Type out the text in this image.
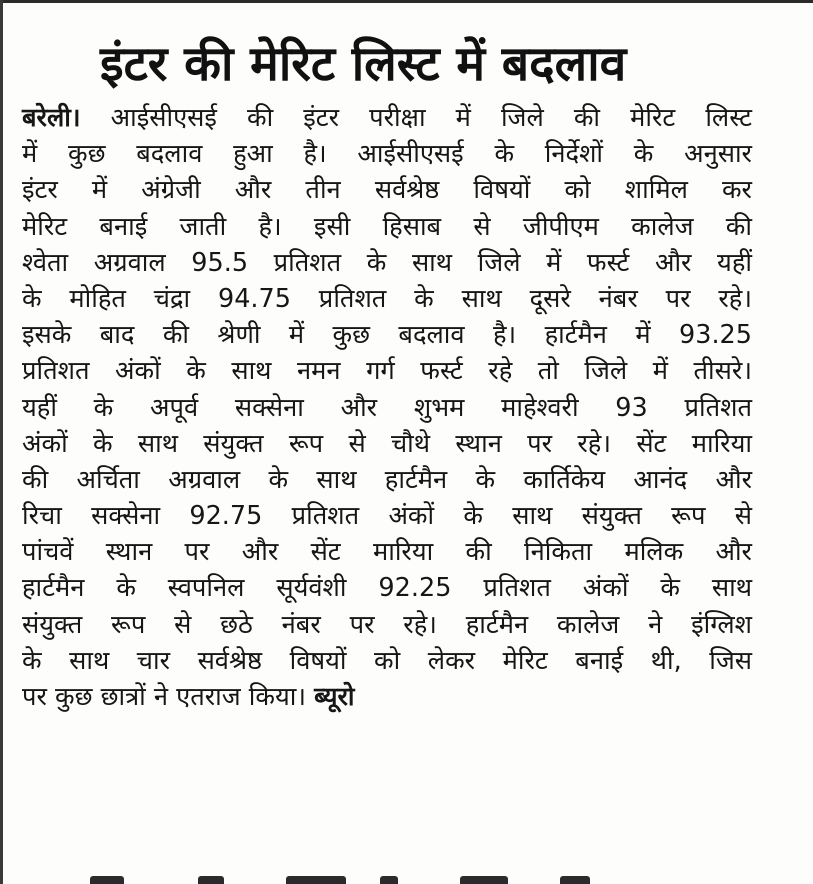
इंटर की मेरिट लिस्ट में बदलाव
बरेली। आईसीएसई की इंटर परीक्षा में जिले की मेरिट लिस्ट
में कुछ बदलाव हुआ है। आईसीएसई के निर्देशों के अनुसार
इंटर में अंग्रेजी और तीन सर्वश्रेष्ठ विषयों को शामिल कर
मेरिट बनाई जाती है। इसी हिसाब से जीपीएम कालेज की
श्वेता अग्रवाल 95.5 प्रतिशत के साथ जिले में फर्स्ट और यहीं
के मोहित चंद्रा 94.75 प्रतिशत के साथ दूसरे नंबर पर रहे।
इसके बाद की श्रेणी में कुछ बदलाव है। हार्टमैन में 93.25
प्रतिशत अंकों के साथ नमन गर्ग फर्स्ट रहे तो जिले में तीसरे।
यहीं के अपूर्व सक्सेना और शुभम माहेश्वरी 93 प्रतिशत
अंकों के साथ संयुक्त रूप से चौथे स्थान पर रहे। सेंट मारिया
की अर्चिता अग्रवाल के साथ हार्टमैन के कार्तिकेय आनंद और
रिचा सक्सेना 92.75 प्रतिशत अंकों के साथ संयुक्त रूप से
पांचवें स्थान पर और सेंट मारिया की निकिता मलिक और
हार्टमैन के स्वपनिल सूर्यवंशी 92.25 प्रतिशत अंकों के साथ
संयुक्त रूप से छठे नंबर पर रहे। हार्टमैन कालेज ने इंग्लिश
के साथ चार सर्वश्रेष्ठ विषयों को लेकर मेरिट बनाई थी, जिस
पर कुछ छात्रों ने एतराज किया। ब्यूरो
